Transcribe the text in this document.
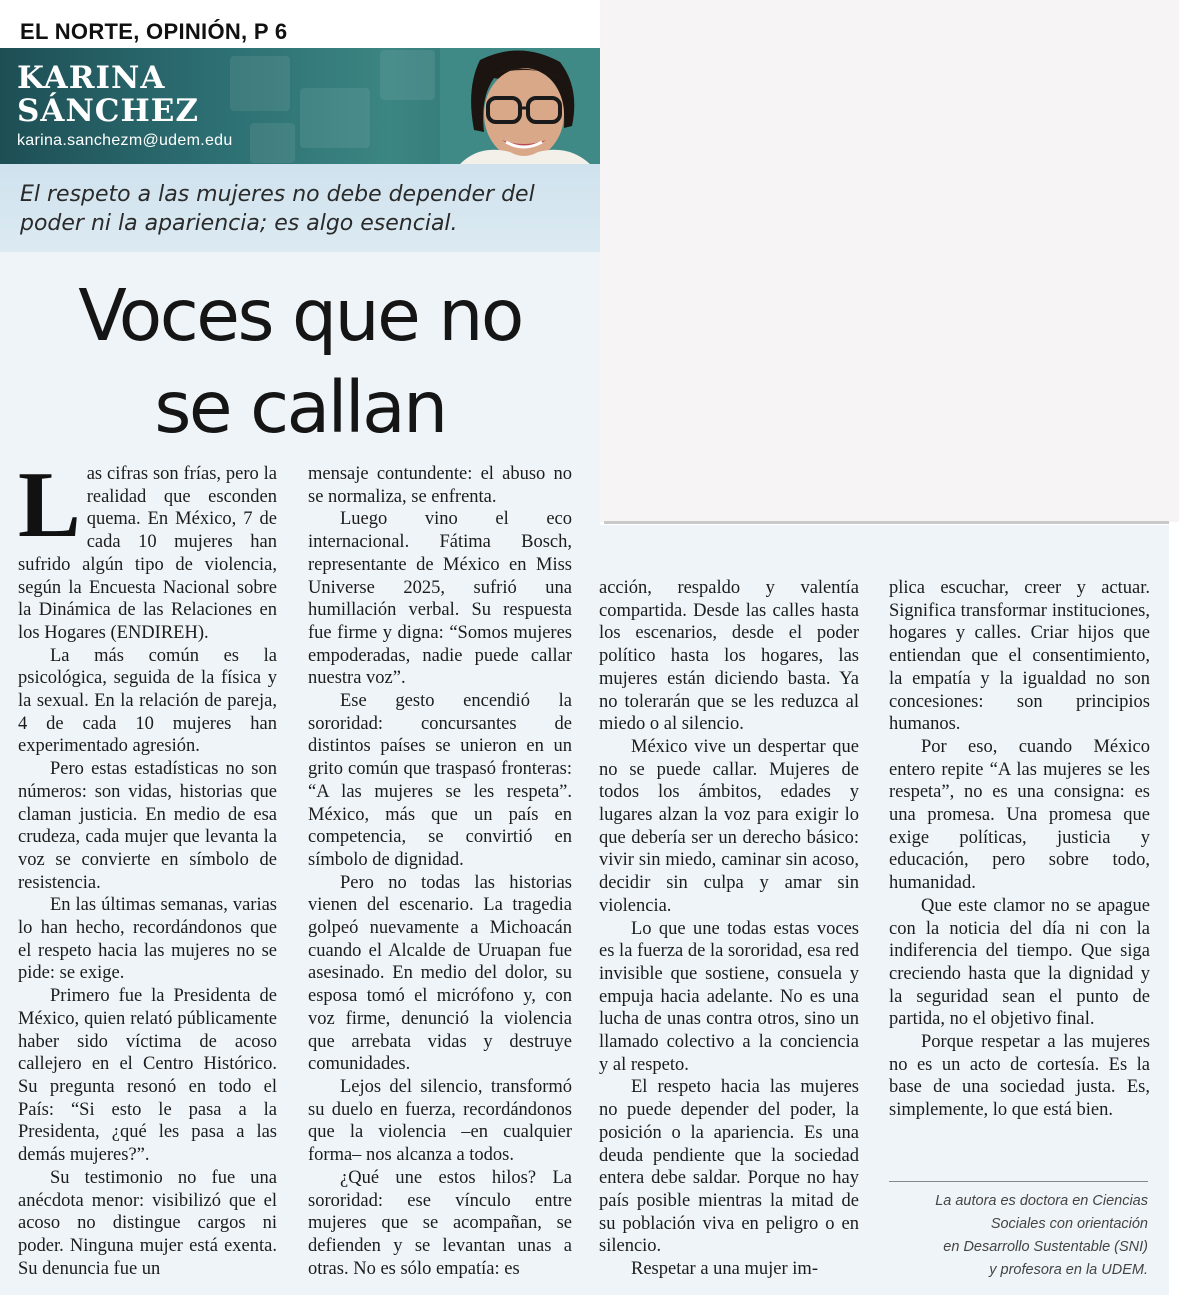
EL NORTE, OPINIÓN, P 6
KARINA
SÁNCHEZ
karina.sanchezm@udem.edu
El respeto a las mujeres no debe depender del poder ni la apariencia; es algo esencial.
Voces que no
se callan

Las cifras son frías, pero la realidad que esconden quema. En México, 7 de cada 10 mujeres han sufrido algún tipo de violencia, según la Encuesta Nacional sobre la Dinámica de las Relaciones en los Hogares (ENDIREH).

La más común es la psicológica, seguida de la física y la sexual. En la relación de pareja, 4 de cada 10 mujeres han experimentado agresión.

Pero estas estadísticas no son números: son vidas, historias que claman justicia. En medio de esa crudeza, cada mujer que levanta la voz se convierte en símbolo de resistencia.

En las últimas semanas, varias lo han hecho, recordándonos que el respeto hacia las mujeres no se pide: se exige.

Primero fue la Presidenta de México, quien relató públicamente haber sido víctima de acoso callejero en el Centro Histórico. Su pregunta resonó en todo el País: “Si esto le pasa a la Presidenta, ¿qué les pasa a las demás mujeres?”.

Su testimonio no fue una anécdota menor: visibilizó que el acoso no distingue cargos ni poder. Ninguna mujer está exenta. Su denuncia fue un

mensaje contundente: el abuso no se normaliza, se enfrenta.

Luego vino el eco internacional. Fátima Bosch, representante de México en Miss Universe 2025, sufrió una humillación verbal. Su respuesta fue firme y digna: “Somos mujeres empoderadas, nadie puede callar nuestra voz”.

Ese gesto encendió la sororidad: concursantes de distintos países se unieron en un grito común que traspasó fronteras: “A las mujeres se les respeta”. México, más que un país en competencia, se convirtió en símbolo de dignidad.

Pero no todas las historias vienen del escenario. La tragedia golpeó nuevamente a Michoacán cuando el Alcalde de Uruapan fue asesinado. En medio del dolor, su esposa tomó el micrófono y, con voz firme, denunció la violencia que arrebata vidas y destruye comunidades.

Lejos del silencio, transformó su duelo en fuerza, recordándonos que la violencia –en cualquier forma– nos alcanza a todos.

¿Qué une estos hilos? La sororidad: ese vínculo entre mujeres que se acompañan, se defienden y se levantan unas a otras. No es sólo empatía: es

acción, respaldo y valentía compartida. Desde las calles hasta los escenarios, desde el poder político hasta los hogares, las mujeres están diciendo basta. Ya no tolerarán que se les reduzca al miedo o al silencio.

México vive un despertar que no se puede callar. Mujeres de todos los ámbitos, edades y lugares alzan la voz para exigir lo que debería ser un derecho básico: vivir sin miedo, caminar sin acoso, decidir sin culpa y amar sin violencia.

Lo que une todas estas voces es la fuerza de la sororidad, esa red invisible que sostiene, consuela y empuja hacia adelante. No es una lucha de unas contra otros, sino un llamado colectivo a la conciencia y al respeto.

El respeto hacia las mujeres no puede depender del poder, la posición o la apariencia. Es una deuda pendiente que la sociedad entera debe saldar. Porque no hay país posible mientras la mitad de su población viva en peligro o en silencio.

Respetar a una mujer im-

plica escuchar, creer y actuar. Significa transformar instituciones, hogares y calles. Criar hijos que entiendan que el consentimiento, la empatía y la igualdad no son concesiones: son principios humanos.

Por eso, cuando México entero repite “A las mujeres se les respeta”, no es una consigna: es una promesa. Una promesa que exige políticas, justicia y educación, pero sobre todo, humanidad.

Que este clamor no se apague con la noticia del día ni con la indiferencia del tiempo. Que siga creciendo hasta que la dignidad y la seguridad sean el punto de partida, no el objetivo final.

Porque respetar a las mujeres no es un acto de cortesía. Es la base de una sociedad justa. Es, simplemente, lo que está bien.

La autora es doctora en Ciencias
Sociales con orientación
en Desarrollo Sustentable (SNI)
y profesora en la UDEM.
